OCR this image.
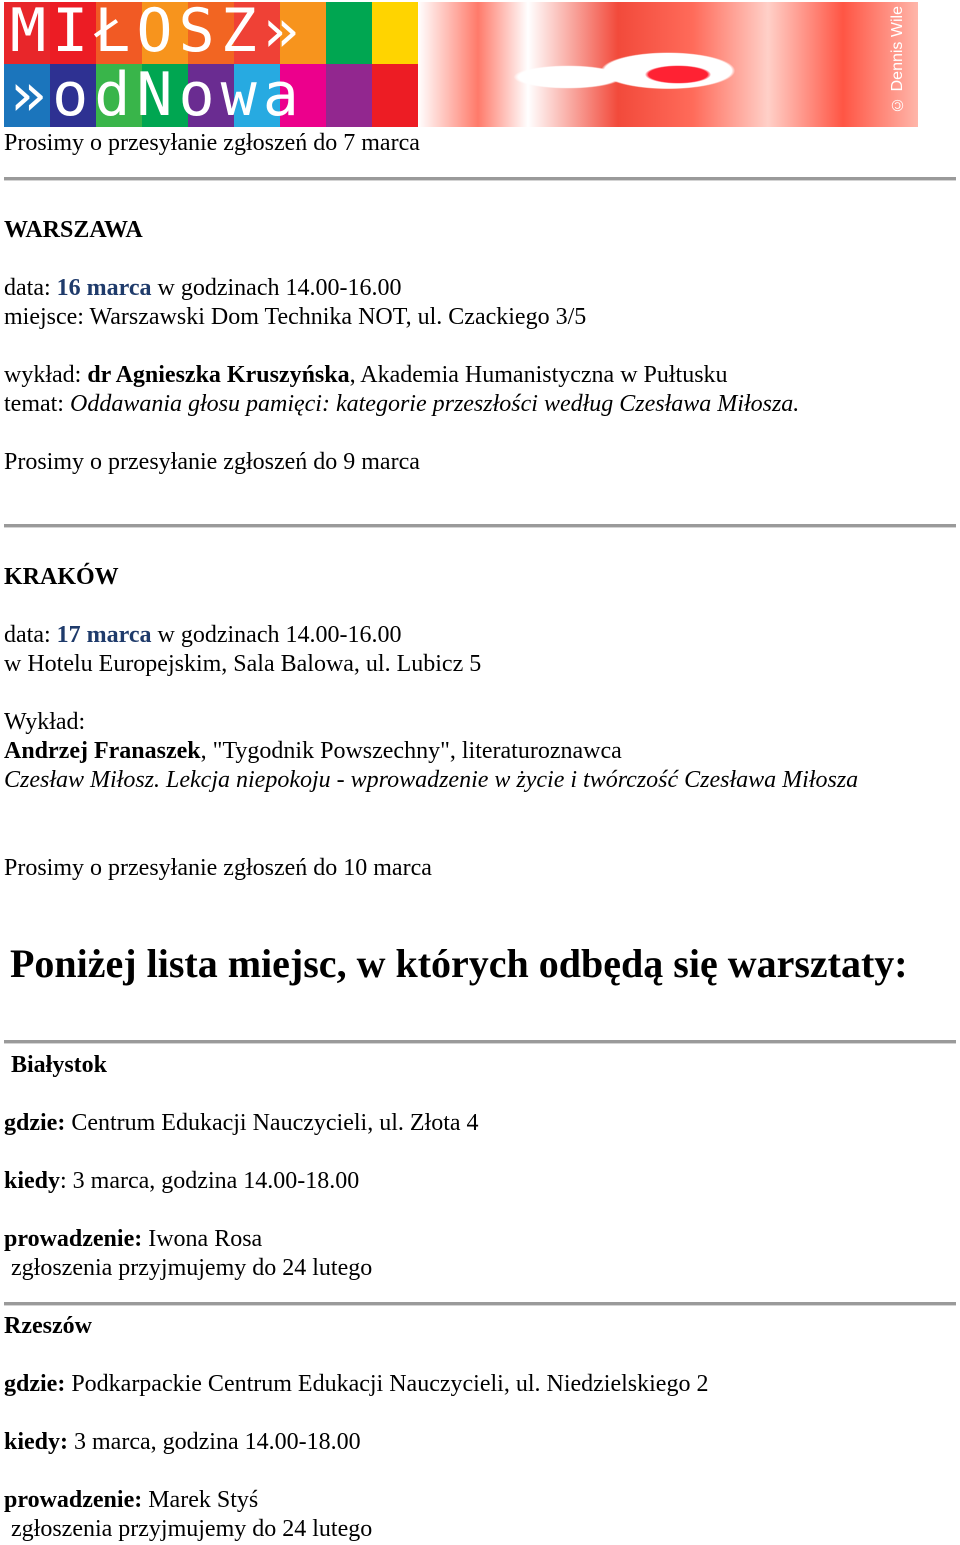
MIŁOSZ»
»odNowa	© Dennis Wile
Prosimy o przesyłanie zgłoszeń do 7 marca
WARSZAWA
data: 16 marca w godzinach 14.00-16.00
miejsce: Warszawski Dom Technika NOT, ul. Czackiego 3/5
wykład: dr Agnieszka Kruszyńska, Akademia Humanistyczna w Pułtusku
temat: Oddawania głosu pamięci: kategorie przeszłości według Czesława Miłosza.
Prosimy o przesyłanie zgłoszeń do 9 marca
KRAKÓW
data: 17 marca w godzinach 14.00-16.00
w Hotelu Europejskim, Sala Balowa, ul. Lubicz 5
Wykład:
Andrzej Franaszek, "Tygodnik Powszechny", literaturoznawca
Czesław Miłosz. Lekcja niepokoju - wprowadzenie w życie i twórczość Czesława Miłosza
Prosimy o przesyłanie zgłoszeń do 10 marca
Poniżej lista miejsc, w których odbędą się warsztaty:
Białystok
gdzie: Centrum Edukacji Nauczycieli, ul. Złota 4
kiedy: 3 marca, godzina 14.00-18.00
prowadzenie: Iwona Rosa
zgłoszenia przyjmujemy do 24 lutego
Rzeszów
gdzie: Podkarpackie Centrum Edukacji Nauczycieli, ul. Niedzielskiego 2
kiedy: 3 marca, godzina 14.00-18.00
prowadzenie: Marek Styś
zgłoszenia przyjmujemy do 24 lutego
